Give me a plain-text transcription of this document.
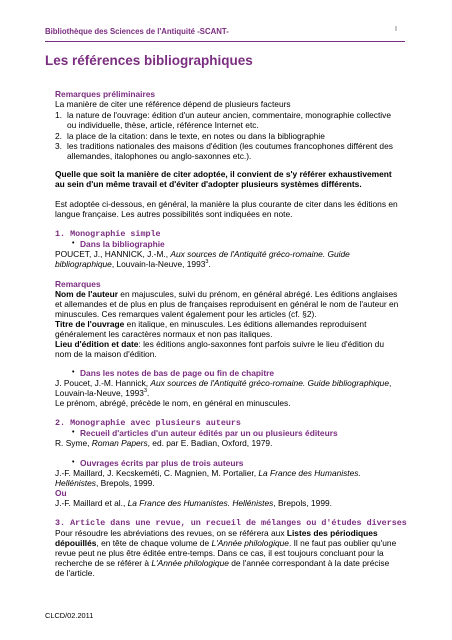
Bibliothèque des Sciences de l'Antiquité -SCANT-	I
Les références bibliographiques
Remarques préliminaires
La manière de citer une référence dépend de plusieurs facteurs
1. la nature de l'ouvrage: édition d'un auteur ancien, commentaire, monographie collective
ou individuelle, thèse, article, référence Internet etc.
2. la place de la citation: dans le texte, en notes ou dans la bibliographie
3. les traditions nationales des maisons d'édition (les coutumes francophones différent des
allemandes, italophones ou anglo-saxonnes etc.).
Quelle que soit la manière de citer adoptée, il convient de s'y référer exhaustivement
au sein d'un même travail et d'éviter d'adopter plusieurs systèmes différents.
Est adoptée ci-dessous, en général, la manière la plus courante de citer dans les éditions en
langue française. Les autres possibilités sont indiquées en note.
1. Monographie simple
• Dans la bibliographie
POUCET, J., HANNICK, J.-M., Aux sources de l'Antiquité gréco-romaine. Guide
bibliographique, Louvain-la-Neuve, 1993$^3$.
Remarques
Nom de l'auteur en majuscules, suivi du prénom, en général abrégé. Les éditions anglaises
et allemandes et de plus en plus de françaises reproduisent en général le nom de l'auteur en
minuscules. Ces remarques valent également pour les articles (cf. §2).
Titre de l'ouvrage en italique, en minuscules. Les éditions allemandes reproduisent
généralement les caractères normaux et non pas italiques.
Lieu d'édition et date: les éditions anglo-saxonnes font parfois suivre le lieu d'édition du
nom de la maison d'édition.
• Dans les notes de bas de page ou fin de chapitre
J. Poucet, J.-M. Hannick, Aux sources de l'Antiquité gréco-romaine. Guide bibliographique,
Louvain-la-Neuve, 1993$^3$.
Le prénom, abrégé, précède le nom, en général en minuscules.
2. Monographie avec plusieurs auteurs
• Recueil d'articles d'un auteur édités par un ou plusieurs éditeurs
R. Syme, Roman Papers, ed. par E. Badian, Oxford, 1979.
• Ouvrages écrits par plus de trois auteurs
J.-F. Maillard, J. Kecskeméti, C. Magnien, M. Portalier, La France des Humanistes.
Hellénistes, Brepols, 1999.
Ou
J.-F. Maillard et al., La France des Humanistes. Hellénistes, Brepols, 1999.
3. Article dans une revue, un recueil de mélanges ou d'études diverses
Pour résoudre les abréviations des revues, on se référera aux Listes des périodiques
dépouillés, en tête de chaque volume de L'Année philologique. Il ne faut pas oublier qu'une
revue peut ne plus être éditée entre-temps. Dans ce cas, il est toujours concluant pour la
recherche de se référer à L'Année philologique de l'année correspondant à la date précise
de l'article.
CLCD/02.2011
